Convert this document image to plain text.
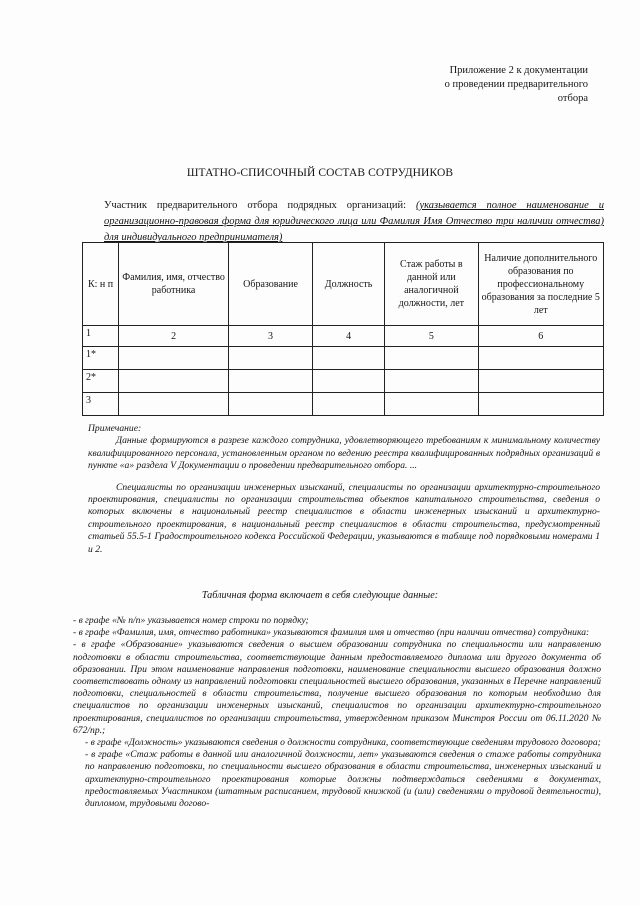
Приложение 2 к документации
о проведении предварительного
отбора
ШТАТНО-СПИСОЧНЫЙ СОСТАВ СОТРУДНИКОВ
Участник предварительного отбора подрядных организаций: (указывается полное наименование и организационно-правовая форма для юридического лица или Фамилия Имя Отчество три наличии отчества) для индивидуального предпринимателя)
К: н п	Фамилия, имя, отчество работника	Образование	Должность	Стаж работы в данной или аналогичной должности, лет	Наличие дополнительного образования по профессиональному образования за последние 5 лет
1	2	3	4	5	6
1*					
2*					
3					

Примечание:

Данные формируются в разрезе каждого сотрудника, удовлетворяющего требованиям к минимальному количеству квалифицированного персонала, установленным органом по ведению реестра квалифицированных подрядных организаций в пункте «а» раздела V Документации о проведении предварительного отбора. ...

Специалисты по организации инженерных изысканий, специалисты по организации архитектурно-строительного проектирования, специалисты по организации строительства объектов капитального строительства, сведения о которых включены в национальный реестр специалистов в области инженерных изысканий и архитектурно-строительного проектирования, в национальный реестр специалистов в области строительства, предусмотренный статьей 55.5-1 Градостроительного кодекса Российской Федерации, указываются в таблице под порядковыми номерами 1 и 2.

Табличная форма включает в себя следующие данные:

- в графе «№ п/п» указывается номер строки по порядку;

- в графе «Фамилия, имя, отчество работника» указываются фамилия имя и отчество (при наличии отчества) сотрудника:

- в графе «Образование» указываются сведения о высшем образовании сотрудника по специальности или направлению подготовки в области строительства, соответствующие данным предоставляемого диплома или другого документа об образовании. При этом наименование направления подготовки, наименование специальности высшего образования должно соответствовать одному из направлений подготовки специальностей высшего образования, указанных в Перечне направлений подготовки, специальностей в области строительства, получение высшего образования по которым необходимо для специалистов по организации инженерных изысканий, специалистов по организации архитектурно-строительного проектирования, специалистов по организации строительства, утвержденном приказом Минстроя России от 06.11.2020 № 672/пр.;

- в графе «Должность» указываются сведения о должности сотрудника, соответствующие сведениям трудового договора;

- в графе «Стаж работы в данной или аналогичной должности, лет» указываются сведения о стаже работы сотрудника по направлению подготовки, по специальности высшего образования в области строительства, инженерных изысканий и архитектурно-строительного проектирования которые должны подтверждаться сведениями в документах, предоставляемых Участником (штатным расписанием, трудовой книжкой (и (или) сведениями о трудовой деятельности), дипломом, трудовыми догово-
